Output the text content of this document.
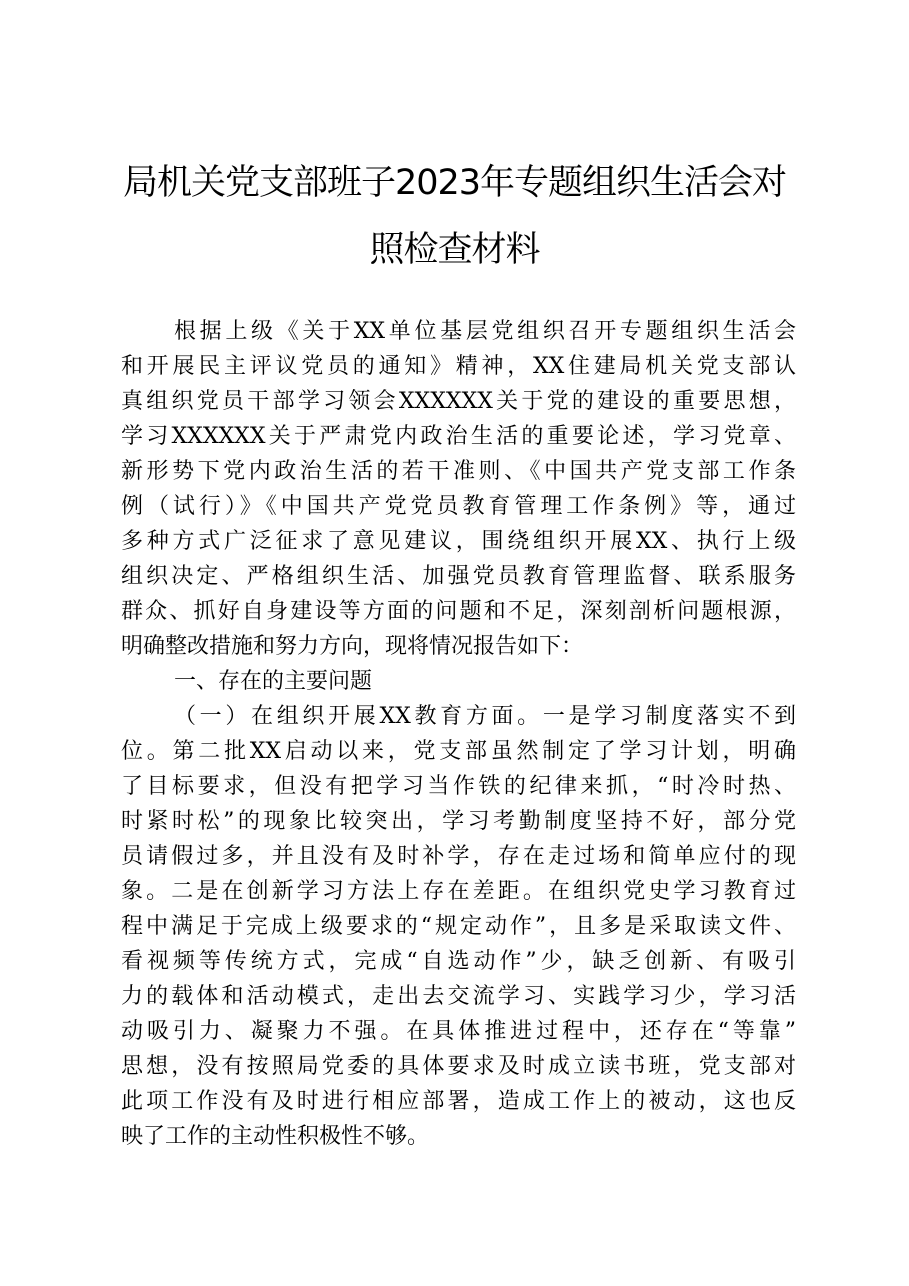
局机关党支部班子2023年专题组织生活会对
照检查材料
根据上级《关于XX单位基层党组织召开专题组织生活会
和开展民主评议党员的通知》精神，XX住建局机关党支部认
真组织党员干部学习领会XXXXXX关于党的建设的重要思想，
学习XXXXXX关于严肃党内政治生活的重要论述，学习党章、
新形势下党内政治生活的若干准则、《中国共产党支部工作条
例（试行）》《中国共产党党员教育管理工作条例》等，通过
多种方式广泛征求了意见建议，围绕组织开展XX、执行上级
组织决定、严格组织生活、加强党员教育管理监督、联系服务
群众、抓好自身建设等方面的问题和不足，深刻剖析问题根源，
明确整改措施和努力方向，现将情况报告如下：
一、存在的主要问题
（一）在组织开展XX教育方面。一是学习制度落实不到
位。第二批XX启动以来，党支部虽然制定了学习计划，明确
了目标要求，但没有把学习当作铁的纪律来抓，“时冷时热、
时紧时松”的现象比较突出，学习考勤制度坚持不好，部分党
员请假过多，并且没有及时补学，存在走过场和简单应付的现
象。二是在创新学习方法上存在差距。在组织党史学习教育过
程中满足于完成上级要求的“规定动作”，且多是采取读文件、
看视频等传统方式，完成“自选动作”少，缺乏创新、有吸引
力的载体和活动模式，走出去交流学习、实践学习少，学习活
动吸引力、凝聚力不强。在具体推进过程中，还存在“等靠”
思想，没有按照局党委的具体要求及时成立读书班，党支部对
此项工作没有及时进行相应部署，造成工作上的被动，这也反
映了工作的主动性积极性不够。
